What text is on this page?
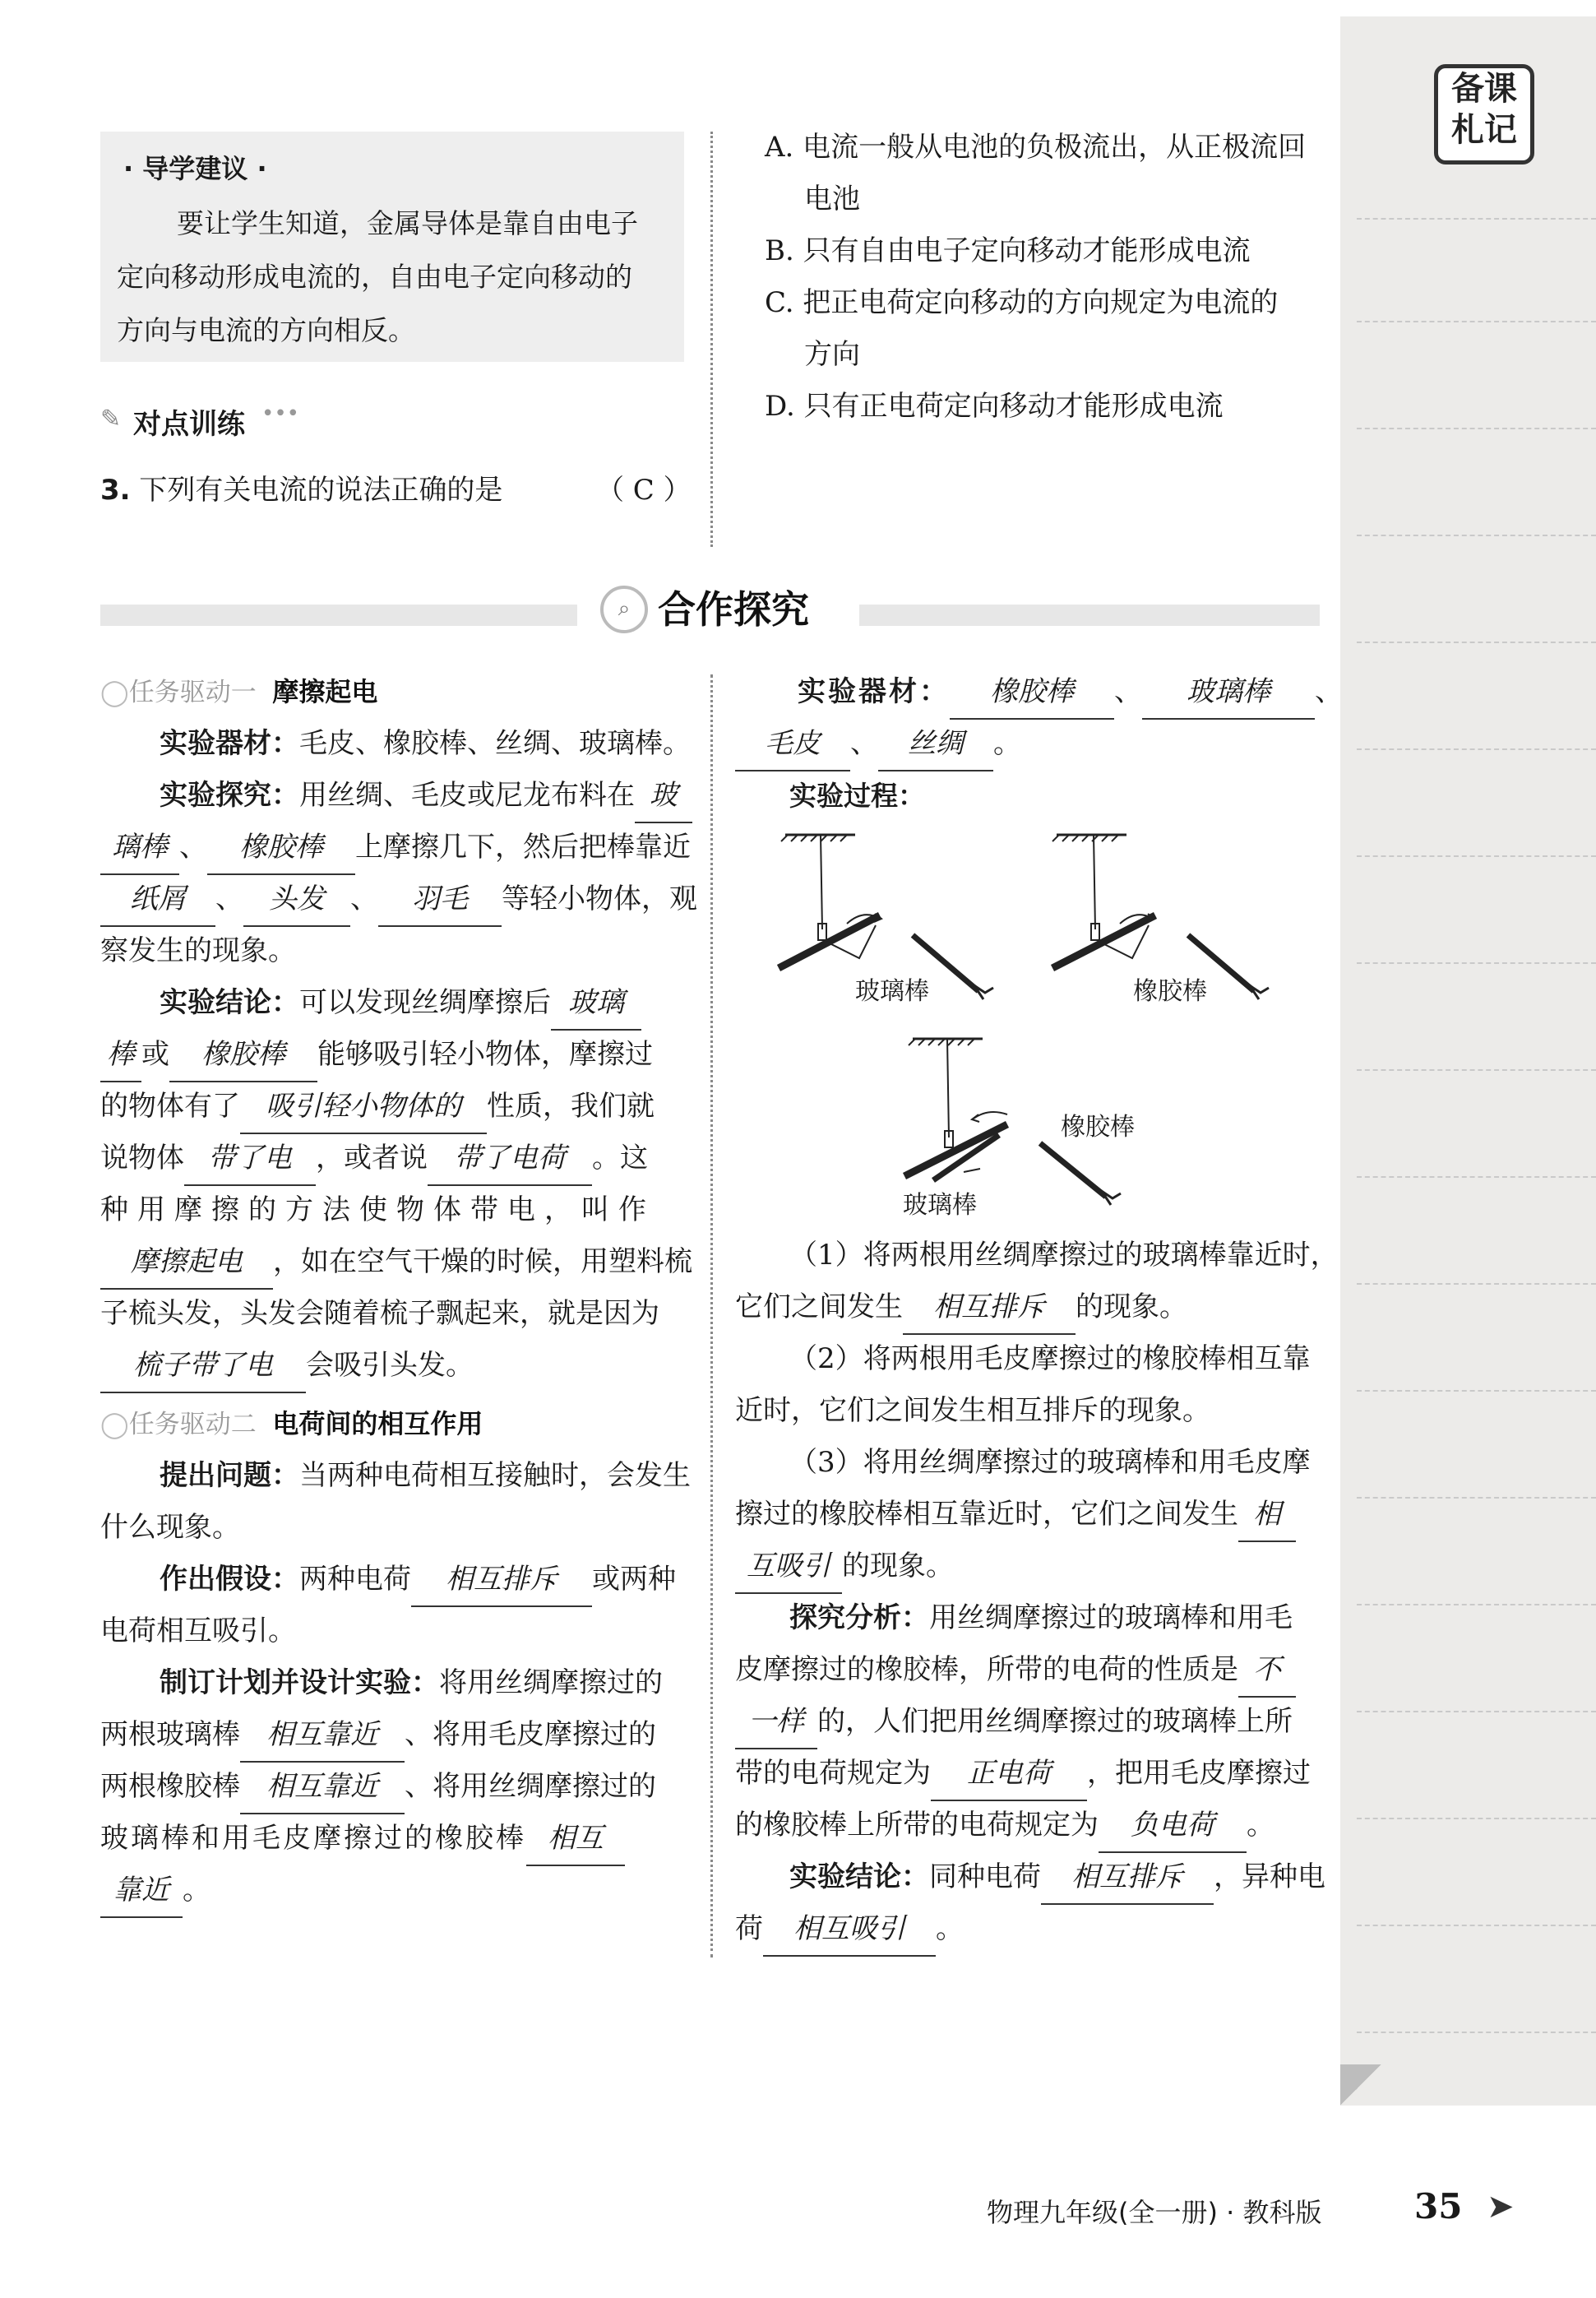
备课
札记
· 导学建议 ·

要让学生知道，金属导体是靠自由电子

定向移动形成电流的，自由电子定向移动的

方向与电流的方向相反。

✎ 对点训练 •••

3. 下列有关电流的说法正确的是	（ C ）

A. 电流一般从电池的负极流出，从正极流回

电池

B. 只有自由电子定向移动才能形成电流

C. 把正电荷定向移动的方向规定为电流的

方向

D. 只有正电荷定向移动才能形成电流

⌕ 合作探究
◯任务驱动一 摩擦起电

实验器材：毛皮、橡胶棒、丝绸、玻璃棒。

实验探究：用丝绸、毛皮或尼龙布料在 玻

璃棒 、 橡胶棒 上摩擦几下，然后把棒靠近

纸屑 、 头发 、 羽毛 等轻小物体，观

察发生的现象。

实验结论：可以发现丝绸摩擦后 玻璃

棒 或 橡胶棒 能够吸引轻小物体，摩擦过

的物体有了 吸引轻小物体的 性质，我们就

说物体 带了电 ，或者说 带了电荷 。这

种用摩擦的方法使物体带电，叫作

摩擦起电 ，如在空气干燥的时候，用塑料梳

子梳头发，头发会随着梳子飘起来，就是因为

梳子带了电 会吸引头发。

◯任务驱动二 电荷间的相互作用

提出问题：当两种电荷相互接触时，会发生

什么现象。

作出假设：两种电荷 相互排斥 或两种

电荷相互吸引。

制订计划并设计实验：将用丝绸摩擦过的

两根玻璃棒 相互靠近 、将用毛皮摩擦过的

两根橡胶棒 相互靠近 、将用丝绸摩擦过的

玻璃棒和用毛皮摩擦过的橡胶棒 相互

靠近 。

实验器材： 橡胶棒 、 玻璃棒 、

毛皮 、 丝绸 。

实验过程：

玻璃棒	橡胶棒
橡胶棒
玻璃棒

（1）将两根用丝绸摩擦过的玻璃棒靠近时，

它们之间发生 相互排斥 的现象。

（2）将两根用毛皮摩擦过的橡胶棒相互靠

近时，它们之间发生相互排斥的现象。

（3）将用丝绸摩擦过的玻璃棒和用毛皮摩

擦过的橡胶棒相互靠近时，它们之间发生 相

互吸引 的现象。

探究分析：用丝绸摩擦过的玻璃棒和用毛

皮摩擦过的橡胶棒，所带的电荷的性质是 不

一样 的，人们把用丝绸摩擦过的玻璃棒上所

带的电荷规定为 正电荷 ，把用毛皮摩擦过

的橡胶棒上所带的电荷规定为 负电荷 。

实验结论：同种电荷 相互排斥 ，异种电

荷 相互吸引 。

物理九年级(全一册) · 教科版	35 ➤
